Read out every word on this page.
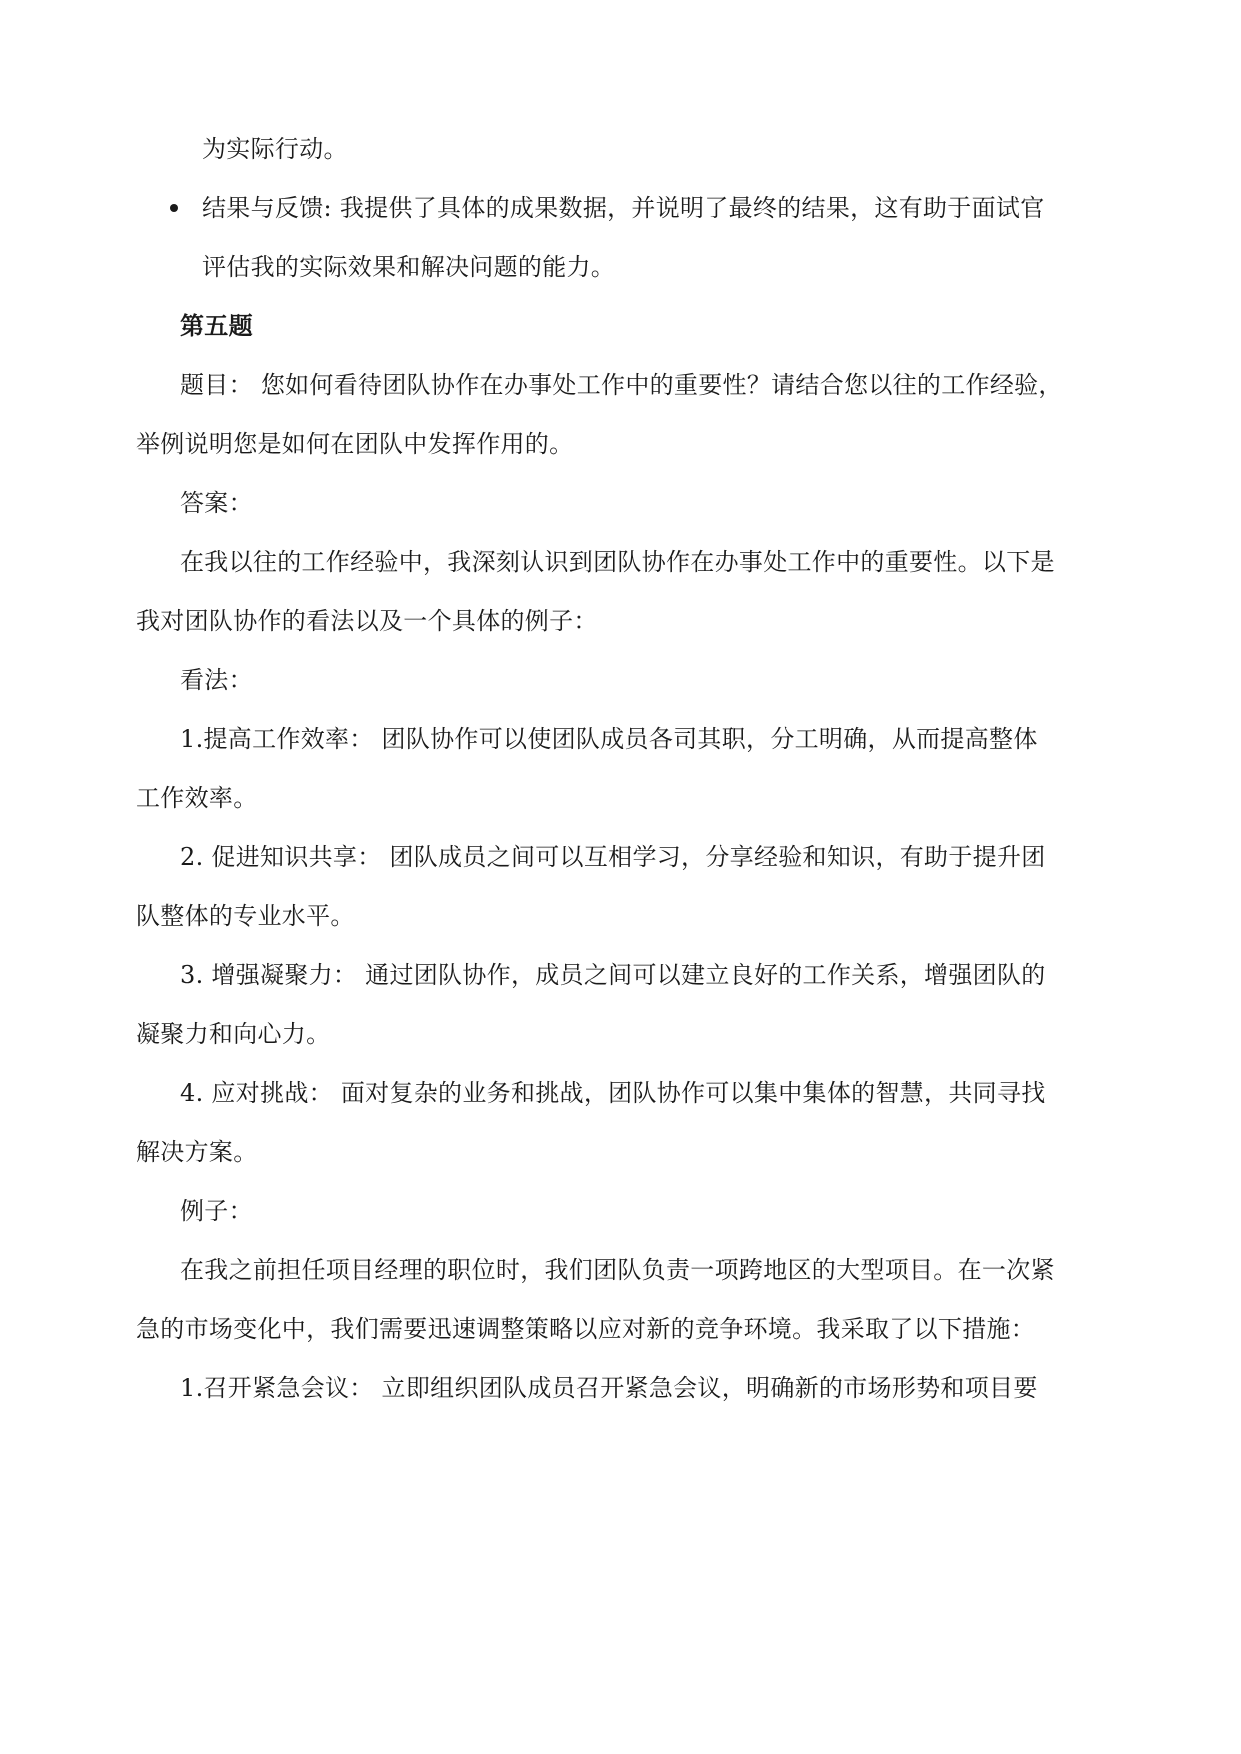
为实际行动。
结果与反馈: 我提供了具体的成果数据，并说明了最终的结果，这有助于面试官
评估我的实际效果和解决问题的能力。
第五题
题目： 您如何看待团队协作在办事处工作中的重要性？请结合您以往的工作经验，
举例说明您是如何在团队中发挥作用的。
答案：
在我以往的工作经验中，我深刻认识到团队协作在办事处工作中的重要性。以下是
我对团队协作的看法以及一个具体的例子：
看法：
1.提高工作效率： 团队协作可以使团队成员各司其职，分工明确，从而提高整体
工作效率。
2. 促进知识共享： 团队成员之间可以互相学习，分享经验和知识，有助于提升团
队整体的专业水平。
3. 增强凝聚力： 通过团队协作，成员之间可以建立良好的工作关系，增强团队的
凝聚力和向心力。
4. 应对挑战： 面对复杂的业务和挑战，团队协作可以集中集体的智慧，共同寻找
解决方案。
例子：
在我之前担任项目经理的职位时，我们团队负责一项跨地区的大型项目。在一次紧
急的市场变化中，我们需要迅速调整策略以应对新的竞争环境。我采取了以下措施：
1.召开紧急会议： 立即组织团队成员召开紧急会议，明确新的市场形势和项目要
